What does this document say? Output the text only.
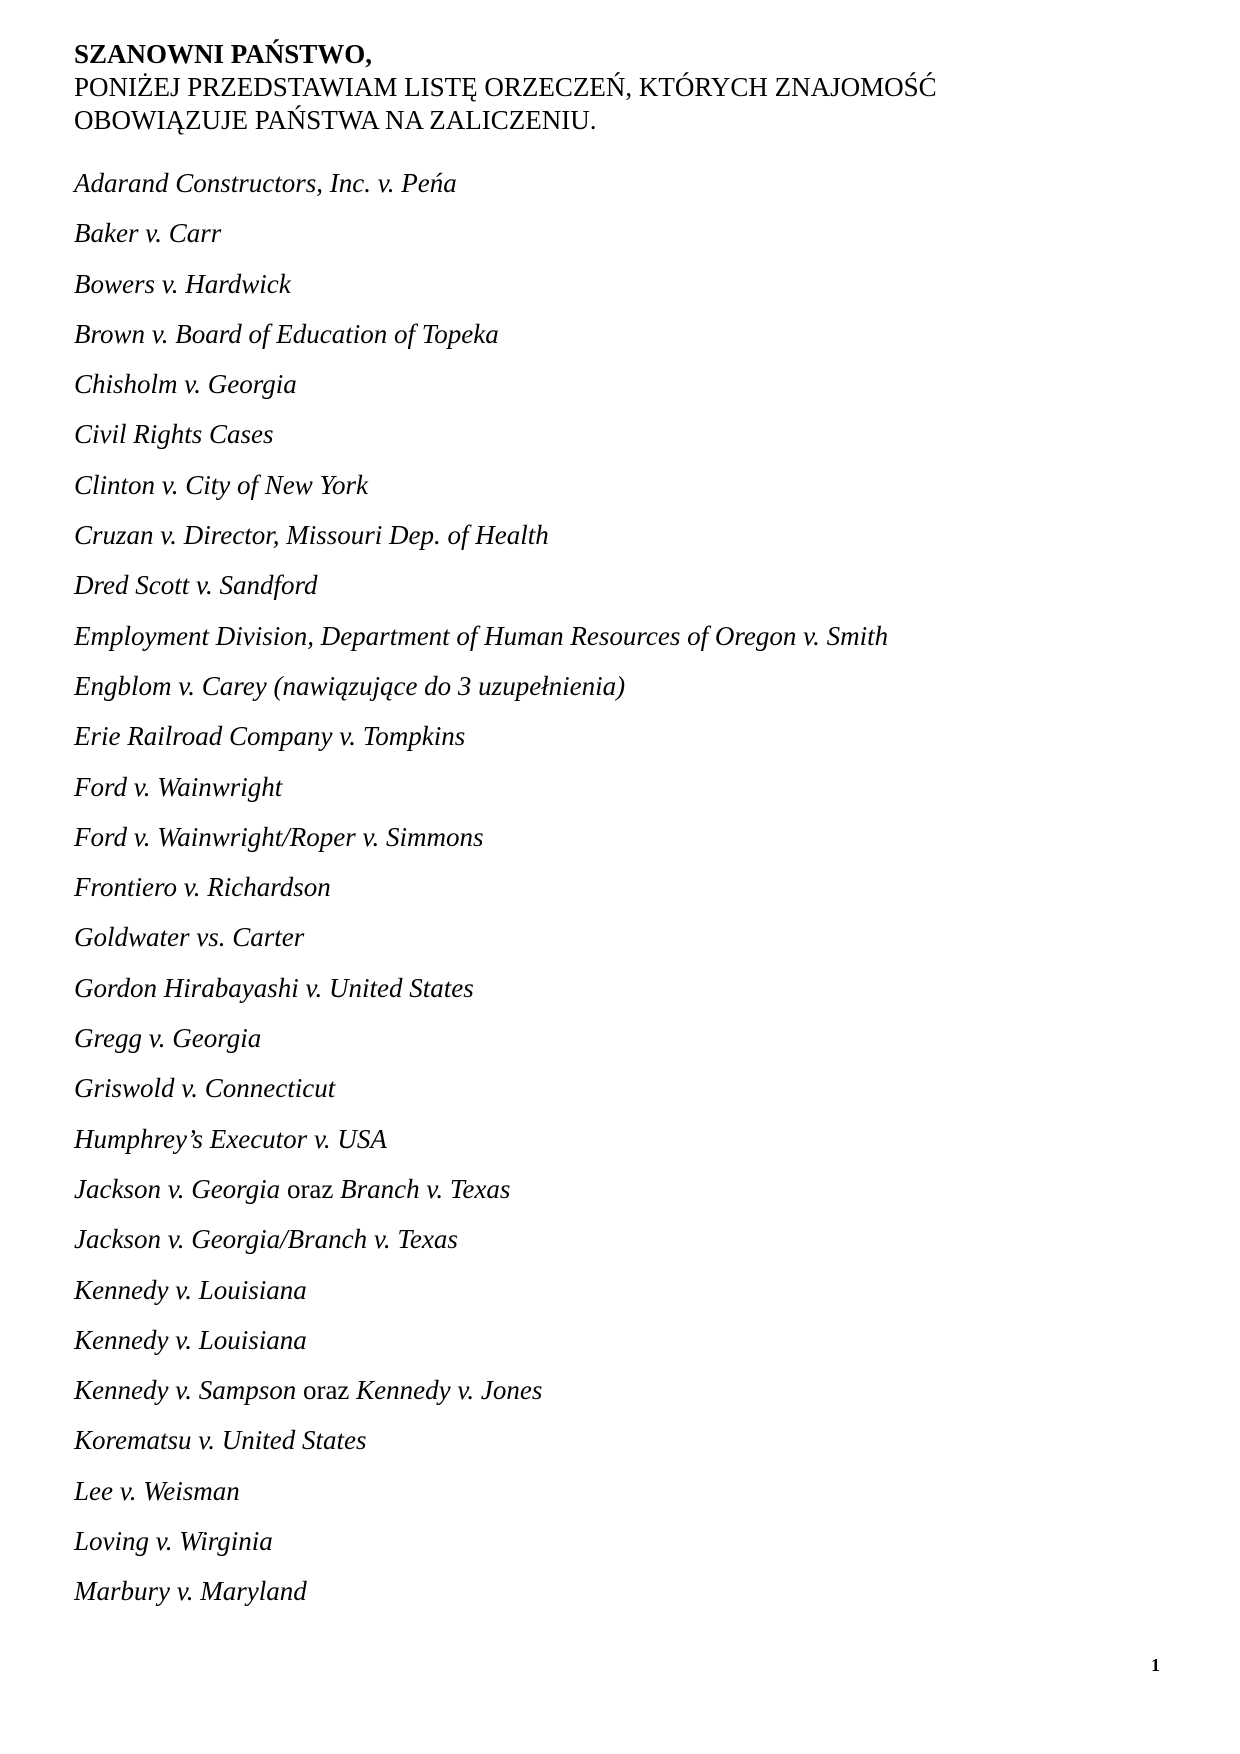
SZANOWNI PAŃSTWO,

PONIŻEJ PRZEDSTAWIAM LISTĘ ORZECZEŃ, KTÓRYCH ZNAJOMOŚĆ

OBOWIĄZUJE PAŃSTWA NA ZALICZENIU.

Adarand Constructors, Inc. v. Peńa
Baker v. Carr
Bowers v. Hardwick
Brown v. Board of Education of Topeka
Chisholm v. Georgia
Civil Rights Cases
Clinton v. City of New York
Cruzan v. Director, Missouri Dep. of Health
Dred Scott v. Sandford
Employment Division, Department of Human Resources of Oregon v. Smith
Engblom v. Carey (nawiązujące do 3 uzupełnienia)
Erie Railroad Company v. Tompkins
Ford v. Wainwright
Ford v. Wainwright/Roper v. Simmons
Frontiero v. Richardson
Goldwater vs. Carter
Gordon Hirabayashi v. United States
Gregg v. Georgia
Griswold v. Connecticut
Humphrey’s Executor v. USA
Jackson v. Georgia oraz Branch v. Texas
Jackson v. Georgia/Branch v. Texas
Kennedy v. Louisiana
Kennedy v. Louisiana
Kennedy v. Sampson oraz Kennedy v. Jones
Korematsu v. United States
Lee v. Weisman
Loving v. Wirginia
Marbury v. Maryland
1
